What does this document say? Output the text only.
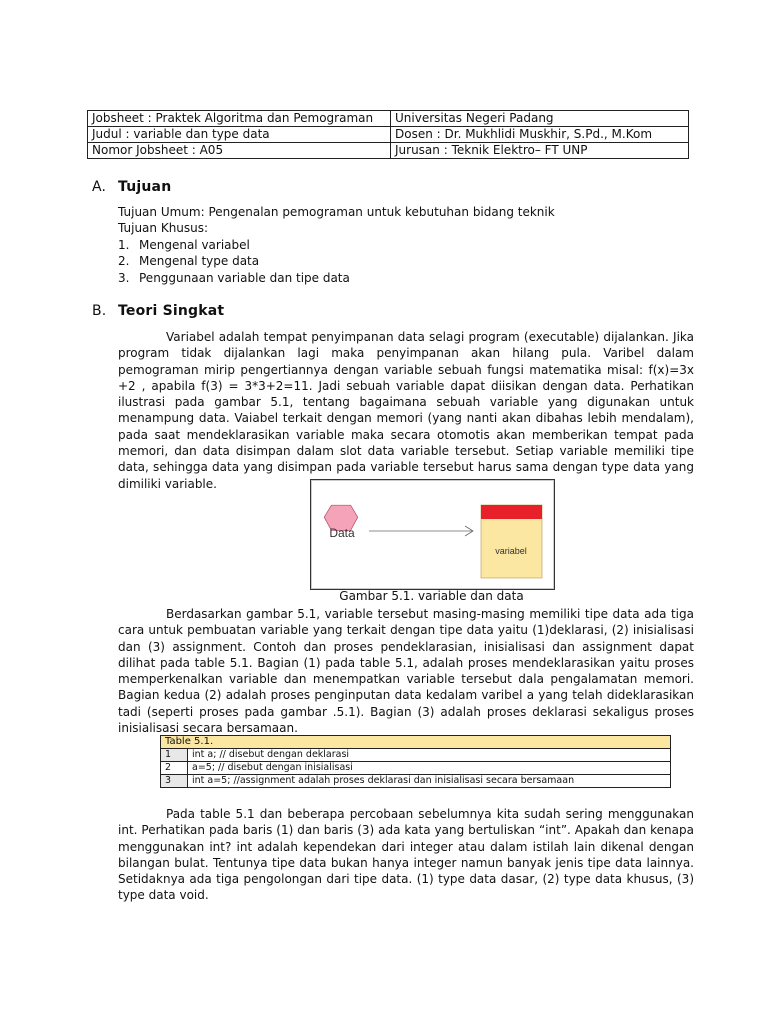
Jobsheet : Praktek Algoritma dan Pemograman	Universitas Negeri Padang
Judul : variable dan type data	Dosen : Dr. Mukhlidi Muskhir, S.Pd., M.Kom
Nomor Jobsheet : A05	Jurusan : Teknik Elektro– FT UNP
A. Tujuan
Tujuan Umum: Pengenalan pemograman untuk kebutuhan bidang teknik
Tujuan Khusus:
1. Mengenal variabel
2. Mengenal type data
3. Penggunaan variable dan tipe data
B. Teori Singkat

Variabel adalah tempat penyimpanan data selagi program (executable) dijalankan. Jika program tidak dijalankan lagi maka penyimpanan akan hilang pula. Varibel dalam pemograman mirip pengertiannya dengan variable sebuah fungsi matematika misal: f(x)=3x +2 , apabila f(3) = 3*3+2=11. Jadi sebuah variable dapat diisikan dengan data. Perhatikan ilustrasi pada gambar 5.1, tentang bagaimana sebuah variable yang digunakan untuk menampung data. Vaiabel terkait dengan memori (yang nanti akan dibahas lebih mendalam), pada saat mendeklarasikan variable maka secara otomotis akan memberikan tempat pada memori, dan data disimpan dalam slot data variable tersebut. Setiap variable memiliki tipe data, sehingga data yang disimpan pada variable tersebut harus sama dengan type data yang dimiliki variable.

Data
variabel
Gambar 5.1. variable dan data

Berdasarkan gambar 5.1, variable tersebut masing-masing memiliki tipe data ada tiga cara untuk pembuatan variable yang terkait dengan tipe data yaitu (1)deklarasi, (2) inisialisasi dan (3) assignment. Contoh dan proses pendeklarasian, inisialisasi dan assignment dapat dilihat pada table 5.1. Bagian (1) pada table 5.1, adalah proses mendeklarasikan yaitu proses memperkenalkan variable dan menempatkan variable tersebut dala pengalamatan memori. Bagian kedua (2) adalah proses penginputan data kedalam varibel a yang telah dideklarasikan tadi (seperti proses pada gambar .5.1). Bagian (3) adalah proses deklarasi sekaligus proses inisialisasi secara bersamaan.

Table 5.1.	
1	int a; // disebut dengan deklarasi
2	a=5; // disebut dengan inisialisasi
3	int a=5; //assignment adalah proses deklarasi dan inisialisasi secara bersamaan

Pada table 5.1 dan beberapa percobaan sebelumnya kita sudah sering menggunakan int. Perhatikan pada baris (1) dan baris (3) ada kata yang bertuliskan “int”. Apakah dan kenapa menggunakan int? int adalah kependekan dari integer atau dalam istilah lain dikenal dengan bilangan bulat. Tentunya tipe data bukan hanya integer namun banyak jenis tipe data lainnya. Setidaknya ada tiga pengolongan dari tipe data. (1) type data dasar, (2) type data khusus, (3) type data void.
